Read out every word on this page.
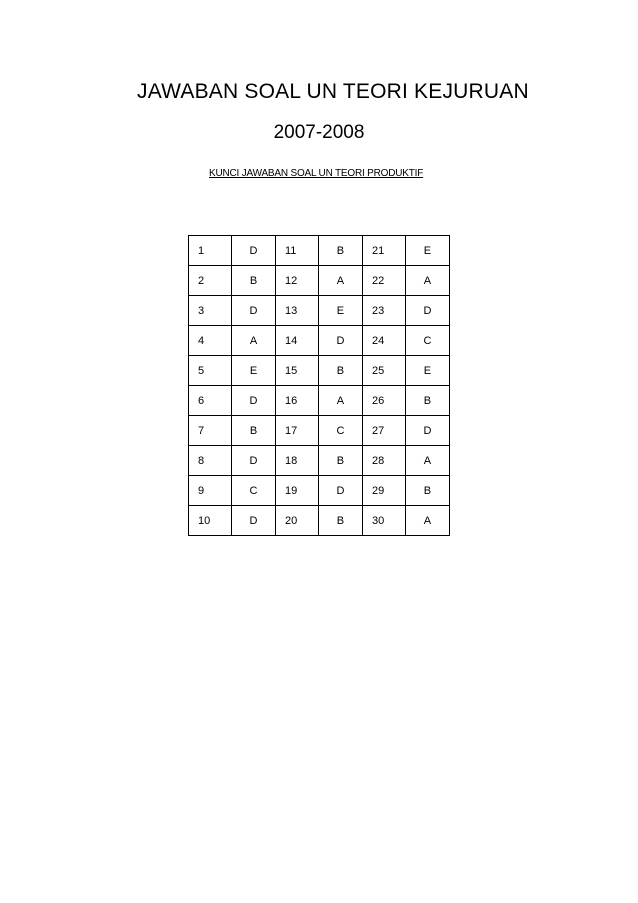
JAWABAN SOAL UN TEORI KEJURUAN
2007-2008
KUNCI JAWABAN SOAL UN TEORI PRODUKTIF
1	D	11	B	21	E
2	B	12	A	22	A
3	D	13	E	23	D
4	A	14	D	24	C
5	E	15	B	25	E
6	D	16	A	26	B
7	B	17	C	27	D
8	D	18	B	28	A
9	C	19	D	29	B
10	D	20	B	30	A
